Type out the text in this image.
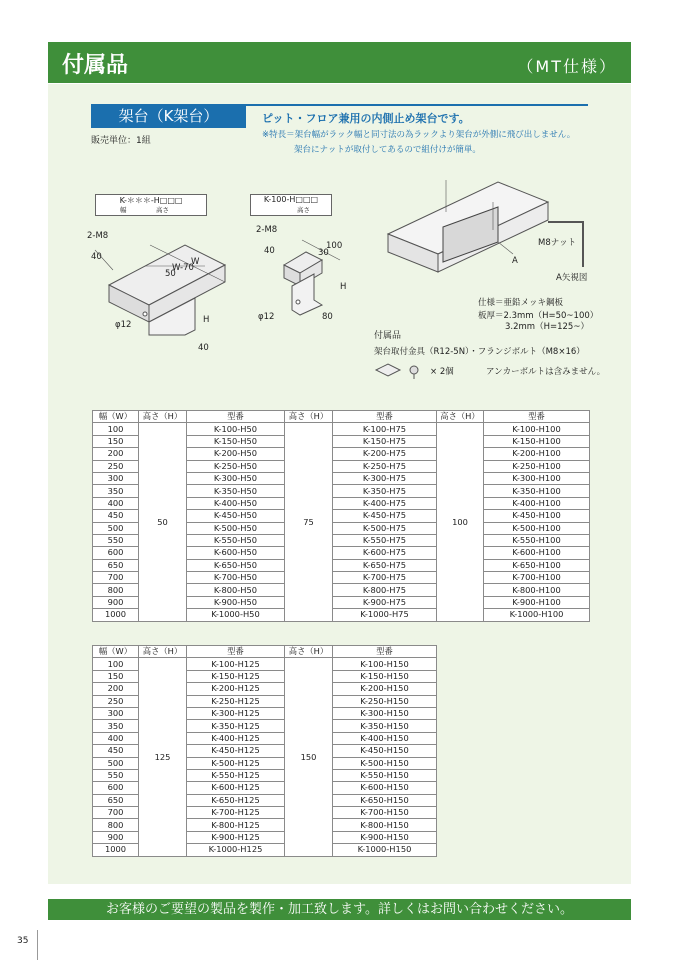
付属品	（MT仕様）
架台（K架台）	ピット・フロア兼用の内側止め架台です。
※特長＝架台幅がラック幅と同寸法の為ラックより架台が外側に飛び出しません。
架台にナットが取付してあるので組付けが簡単。
販売単位：1組
K-＊＊＊-H□□□
幅	高さ
2-M8
40	W
W-70
50
H
φ12
40
K-100-H□□□
高さ
2-M8
40	100
30
H
φ12	80
M8ナット
A
A矢視図
仕様＝亜鉛メッキ鋼板
板厚＝2.3mm（H=50~100）
3.2mm（H=125~）
付属品
架台取付金具（R12-5N）・フランジボルト（M8×16）
× 2個	アンカーボルトは含みません。
幅（W）	高さ（H）	型番	高さ（H）	型番	高さ（H）	型番
100	50	K-100-H50	75	K-100-H75	100	K-100-H100
150		K-150-H50		K-150-H75		K-150-H100
200		K-200-H50		K-200-H75		K-200-H100
250		K-250-H50		K-250-H75		K-250-H100
300		K-300-H50		K-300-H75		K-300-H100
350		K-350-H50		K-350-H75		K-350-H100
400		K-400-H50		K-400-H75		K-400-H100
450		K-450-H50		K-450-H75		K-450-H100
500		K-500-H50		K-500-H75		K-500-H100
550		K-550-H50		K-550-H75		K-550-H100
600		K-600-H50		K-600-H75		K-600-H100
650		K-650-H50		K-650-H75		K-650-H100
700		K-700-H50		K-700-H75		K-700-H100
800		K-800-H50		K-800-H75		K-800-H100
900		K-900-H50		K-900-H75		K-900-H100
1000		K-1000-H50		K-1000-H75		K-1000-H100
幅（W）	高さ（H）	型番	高さ（H）	型番
100	125	K-100-H125	150	K-100-H150
150		K-150-H125		K-150-H150
200		K-200-H125		K-200-H150
250		K-250-H125		K-250-H150
300		K-300-H125		K-300-H150
350		K-350-H125		K-350-H150
400		K-400-H125		K-400-H150
450		K-450-H125		K-450-H150
500		K-500-H125		K-500-H150
550		K-550-H125		K-550-H150
600		K-600-H125		K-600-H150
650		K-650-H125		K-650-H150
700		K-700-H125		K-700-H150
800		K-800-H125		K-800-H150
900		K-900-H125		K-900-H150
1000		K-1000-H125		K-1000-H150
お客様のご要望の製品を製作・加工致します。詳しくはお問い合わせください。
35
